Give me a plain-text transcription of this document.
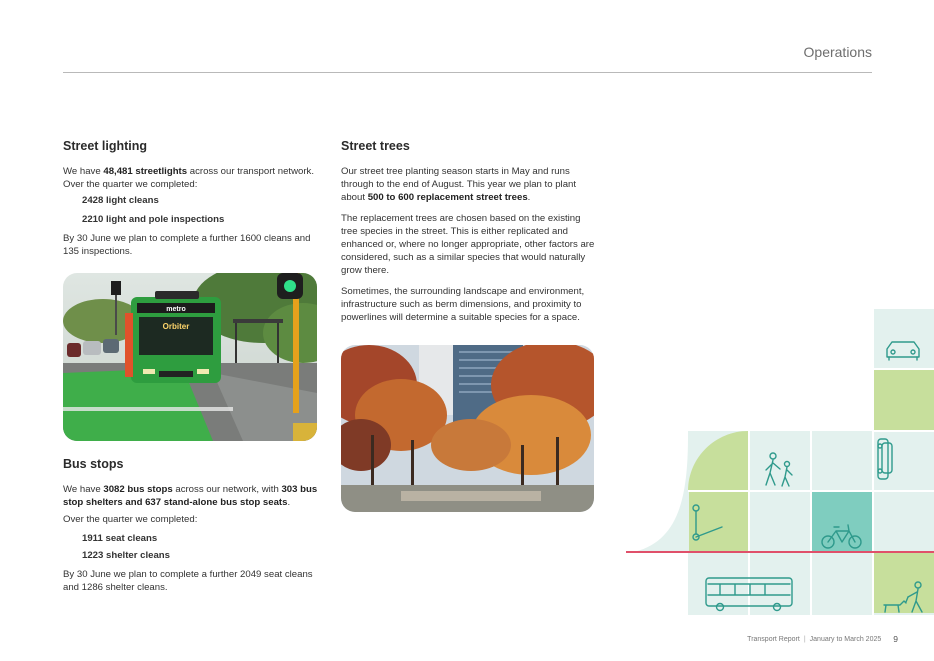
Operations
Street lighting

We have 48,481 streetlights across our transport network. Over the quarter we completed:

2428 light cleans

2210 light and pole inspections

By 30 June we plan to complete a further 1600 cleans and 135 inspections.

metro
Orbiter
Bus stops

We have 3082 bus stops across our network, with 303 bus stop shelters and 637 stand-alone bus stop seats.

Over the quarter we completed:

1911 seat cleans

1223 shelter cleans

By 30 June we plan to complete a further 2049 seat cleans and 1286 shelter cleans.

Street trees

Our street tree planting season starts in May and runs through to the end of August. This year we plan to plant about 500 to 600 replacement street trees.

The replacement trees are chosen based on the existing tree species in the street. This is either replicated and enhanced or, where no longer appropriate, other factors are considered, such as a similar species that would naturally grow there.

Sometimes, the surrounding landscape and environment, infrastructure such as berm dimensions, and proximity to powerlines will determine a suitable species for a space.

Transport Report | January to March 2025 9
